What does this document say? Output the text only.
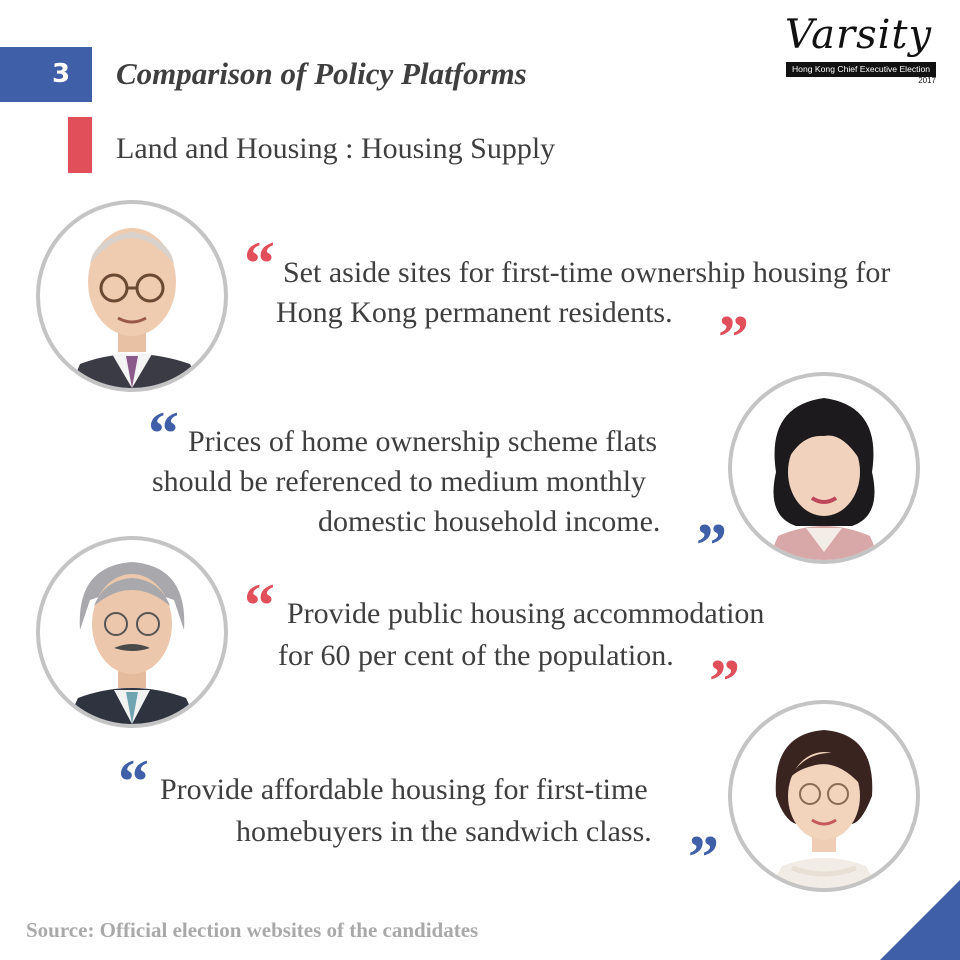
3 Comparison of Policy Platforms
Land and Housing : Housing Supply
Varsity
Hong Kong Chief Executive Election
2017
“ Set aside sites for first-time ownership housing for
Hong Kong permanent residents. ”
“ Prices of home ownership scheme flats
should be referenced to medium monthly
domestic household income. ”
“ Provide public housing accommodation
for 60 per cent of the population. ”
“ Provide affordable housing for first-time
homebuyers in the sandwich class. ”
Source: Official election websites of the candidates
